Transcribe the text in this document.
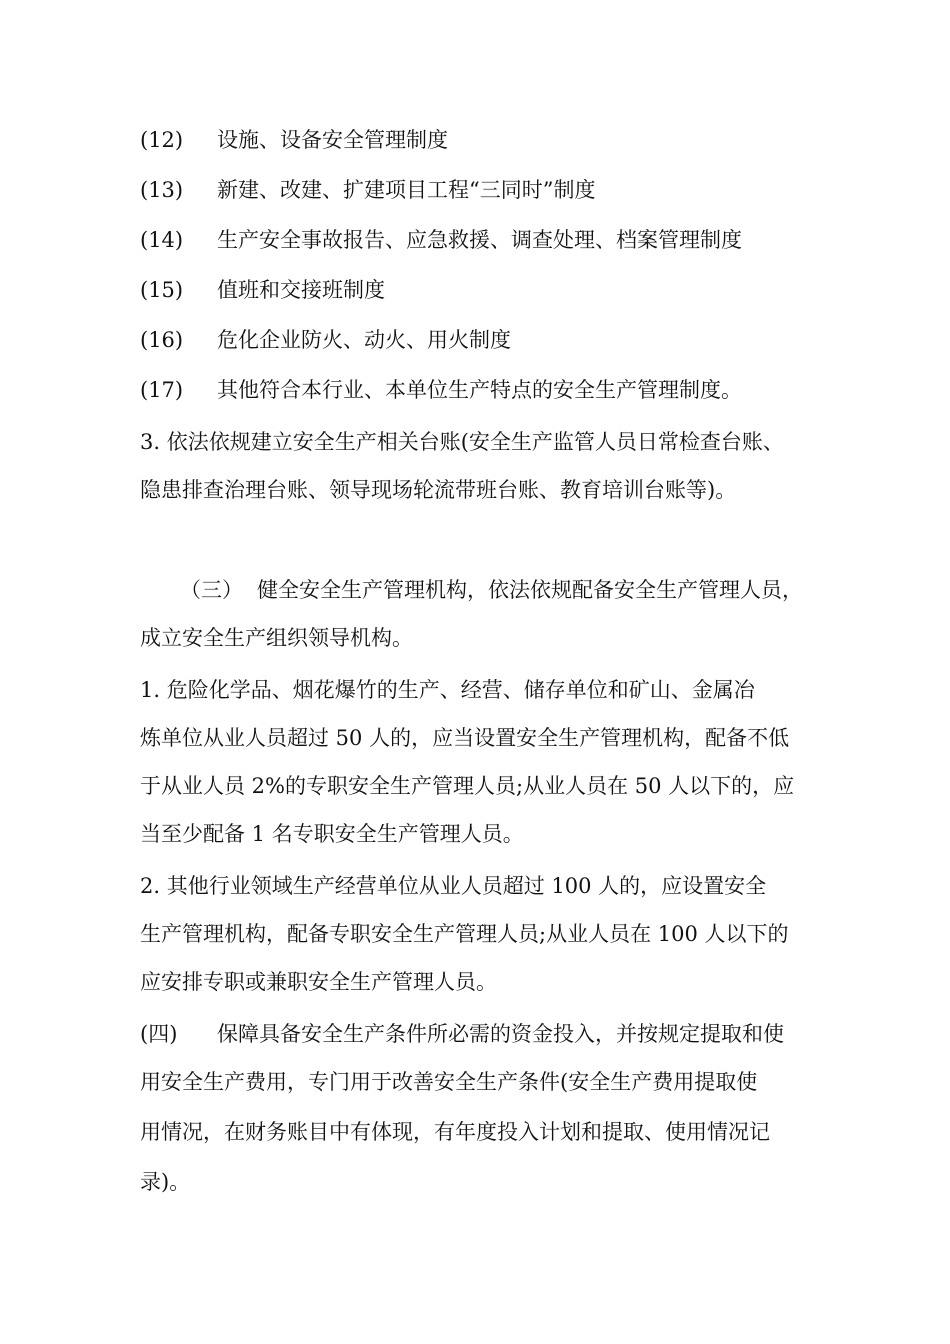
(12) 设施、设备安全管理制度
(13) 新建、改建、扩建项目工程“三同时”制度
(14) 生产安全事故报告、应急救援、调查处理、档案管理制度
(15) 值班和交接班制度
(16) 危化企业防火、动火、用火制度
(17) 其他符合本行业、本单位生产特点的安全生产管理制度。
3. 依法依规建立安全生产相关台账(安全生产监管人员日常检查台账、
隐患排查治理台账、领导现场轮流带班台账、教育培训台账等)。
（三） 健全安全生产管理机构，依法依规配备安全生产管理人员，
成立安全生产组织领导机构。
1. 危险化学品、烟花爆竹的生产、经营、储存单位和矿山、金属冶
炼单位从业人员超过 50 人的，应当设置安全生产管理机构，配备不低
于从业人员 2%的专职安全生产管理人员;从业人员在 50 人以下的，应
当至少配备 1 名专职安全生产管理人员。
2. 其他行业领域生产经营单位从业人员超过 100 人的，应设置安全
生产管理机构，配备专职安全生产管理人员;从业人员在 100 人以下的
应安排专职或兼职安全生产管理人员。
(四) 保障具备安全生产条件所必需的资金投入，并按规定提取和使
用安全生产费用，专门用于改善安全生产条件(安全生产费用提取使
用情况，在财务账目中有体现，有年度投入计划和提取、使用情况记
录)。
